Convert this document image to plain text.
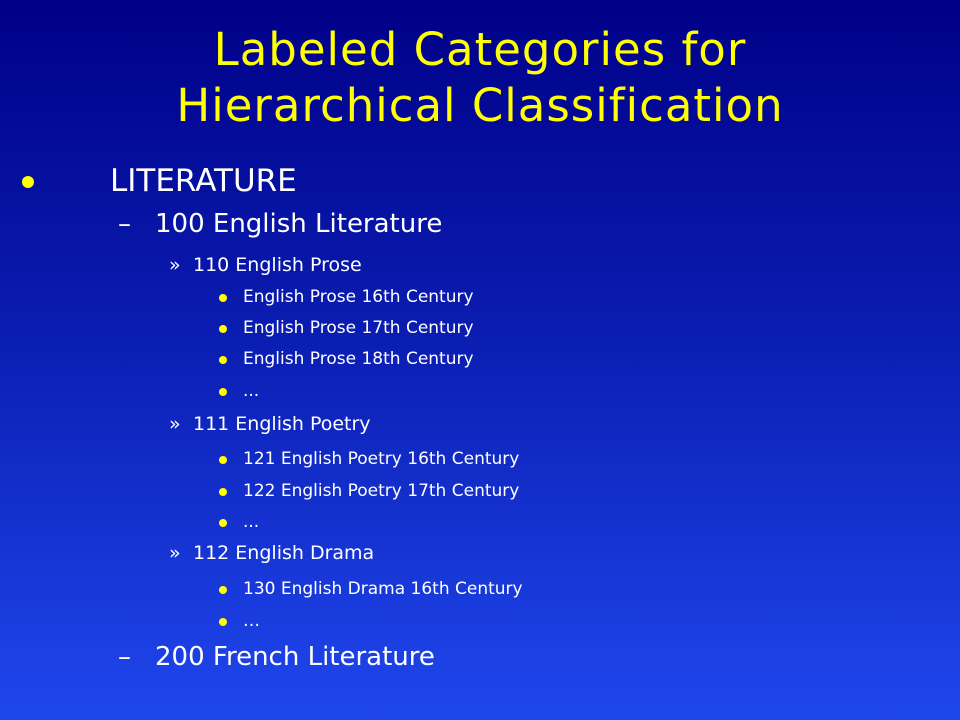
Labeled Categories for
Hierarchical Classification
LITERATURE
– 100 English Literature
» 110 English Prose
English Prose 16th Century
English Prose 17th Century
English Prose 18th Century
...
» 111 English Poetry
121 English Poetry 16th Century
122 English Poetry 17th Century
...
» 112 English Drama
130 English Drama 16th Century
…
– 200 French Literature
